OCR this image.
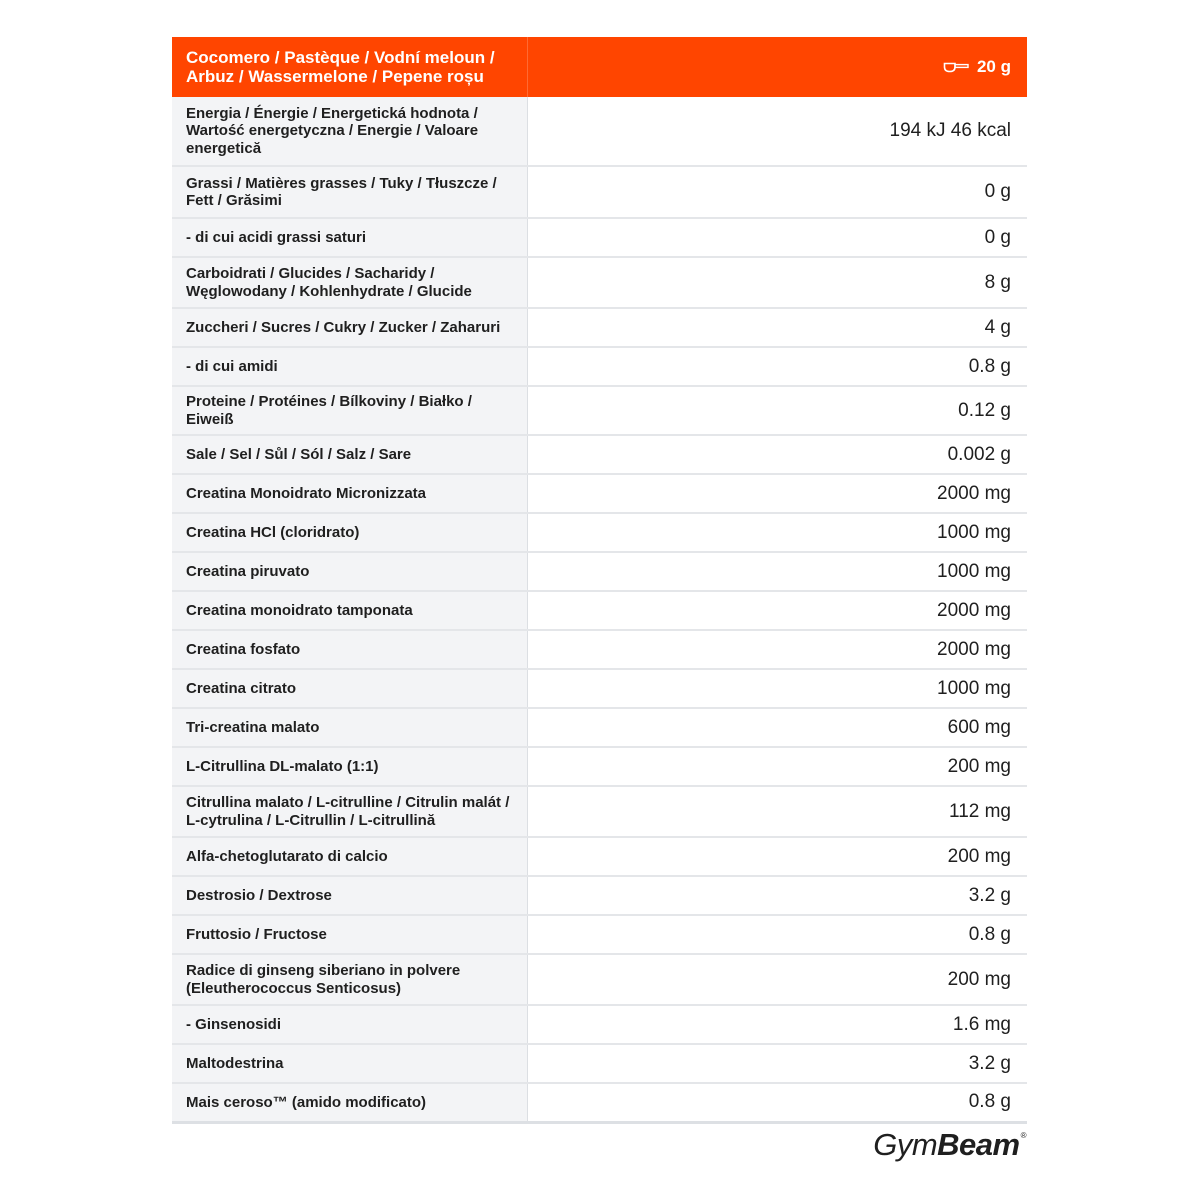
Cocomero / Pastèque / Vodní meloun / Arbuz / Wassermelone / Pepene roșu	20 g
Energia / Énergie / Energetická hodnota / Wartość energetyczna / Energie / Valoare energetică	194 kJ 46 kcal
Grassi / Matières grasses / Tuky / Tłuszcze / Fett / Grăsimi	0 g
- di cui acidi grassi saturi	0 g
Carboidrati / Glucides / Sacharidy / Węglowodany / Kohlenhydrate / Glucide	8 g
Zuccheri / Sucres / Cukry / Zucker / Zaharuri	4 g
- di cui amidi	0.8 g
Proteine / Protéines / Bílkoviny / Białko / Eiweiß	0.12 g
Sale / Sel / Sůl / Sól / Salz / Sare	0.002 g
Creatina Monoidrato Micronizzata	2000 mg
Creatina HCl (cloridrato)	1000 mg
Creatina piruvato	1000 mg
Creatina monoidrato tamponata	2000 mg
Creatina fosfato	2000 mg
Creatina citrato	1000 mg
Tri-creatina malato	600 mg
L-Citrullina DL-malato (1:1)	200 mg
Citrullina malato / L-citrulline / Citrulin malát / L-cytrulina / L-Citrullin / L-citrullină	112 mg
Alfa-chetoglutarato di calcio	200 mg
Destrosio / Dextrose	3.2 g
Fruttosio / Fructose	0.8 g
Radice di ginseng siberiano in polvere (Eleutherococcus Senticosus)	200 mg
- Ginsenosidi	1.6 mg
Maltodestrina	3.2 g
Mais ceroso™ (amido modificato)	0.8 g
GymBeam®
